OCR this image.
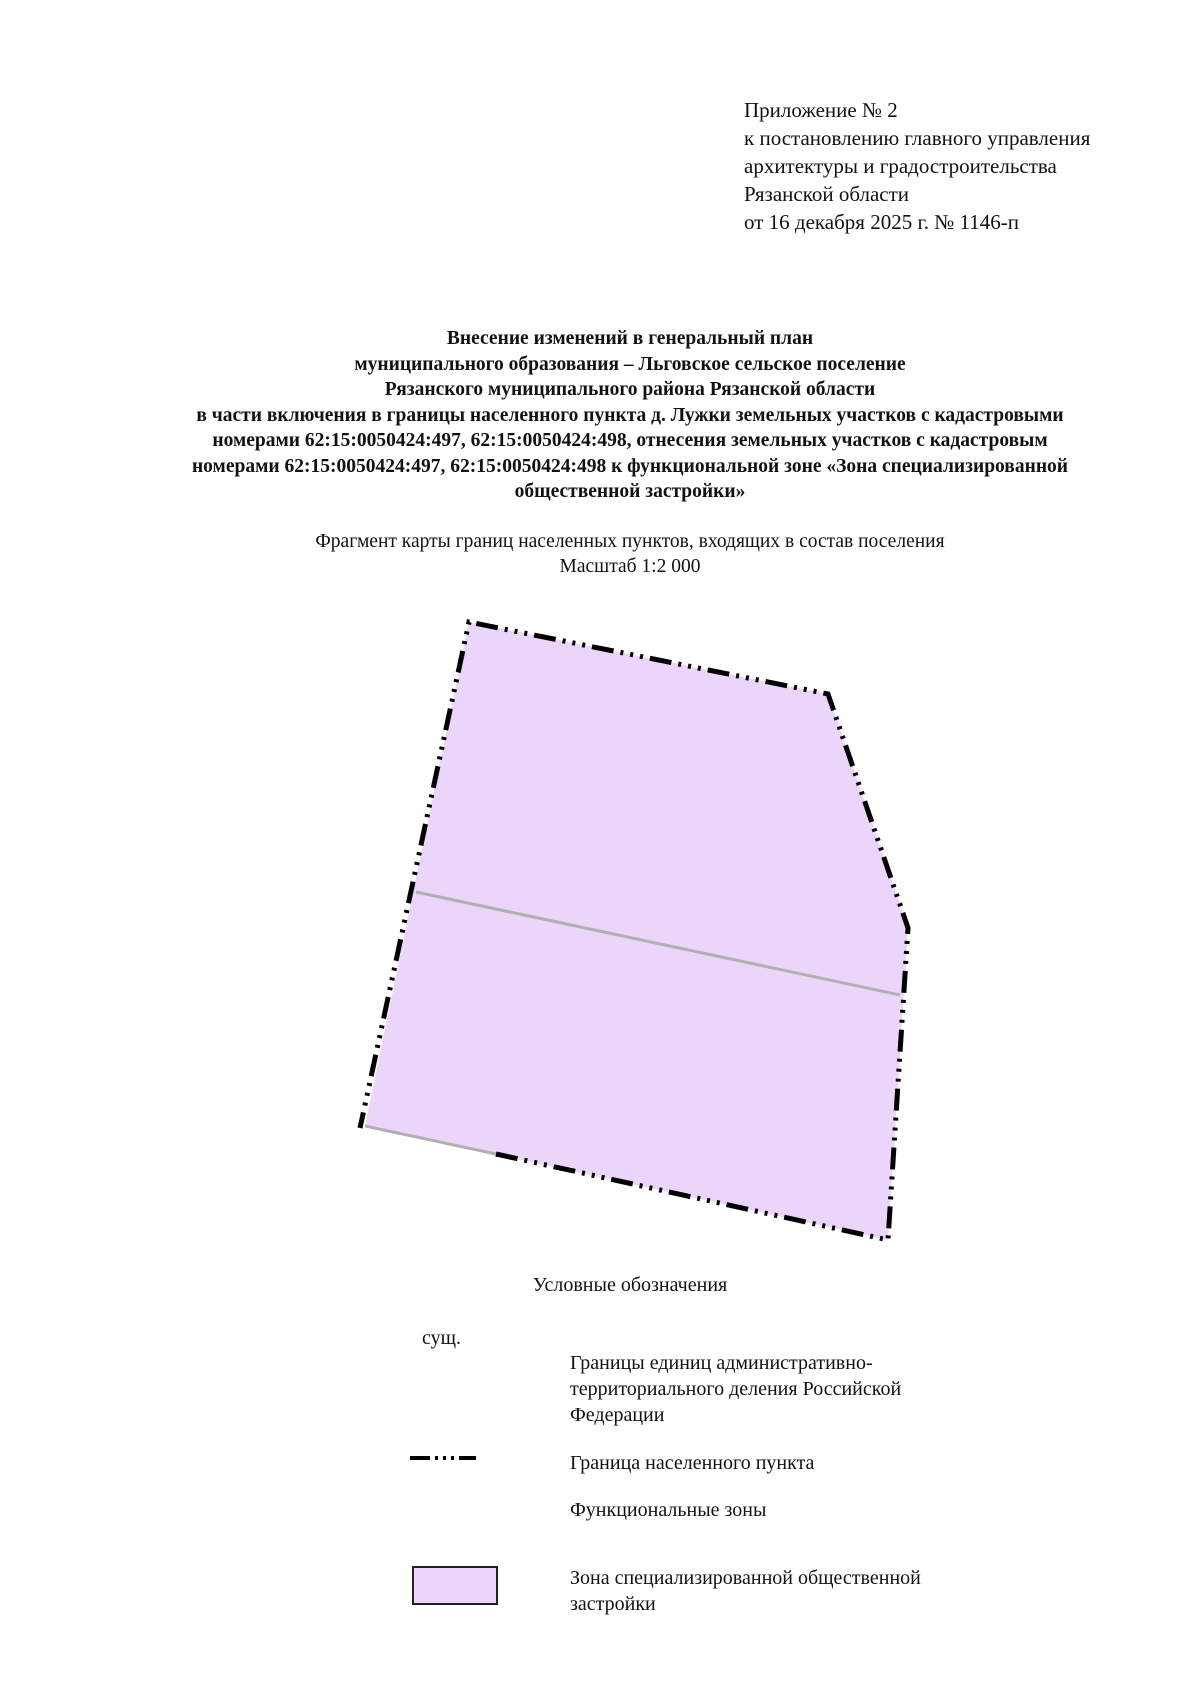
Приложение № 2
к постановлению главного управления
архитектуры и градостроительства
Рязанской области
от 16 декабря 2025 г. № 1146-п
Внесение изменений в генеральный план
муниципального образования – Льговское сельское поселение
Рязанского муниципального района Рязанской области
в части включения в границы населенного пункта д. Лужки земельных участков с кадастровыми
номерами 62:15:0050424:497, 62:15:0050424:498, отнесения земельных участков с кадастровым
номерами 62:15:0050424:497, 62:15:0050424:498 к функциональной зоне «Зона специализированной
общественной застройки»
Фрагмент карты границ населенных пунктов, входящих в состав поселения
Масштаб 1:2 000
Условные обозначения
сущ.
Границы единиц административно-
территориального деления Российской
Федерации
Граница населенного пункта
Функциональные зоны
Зона специализированной общественной
застройки
